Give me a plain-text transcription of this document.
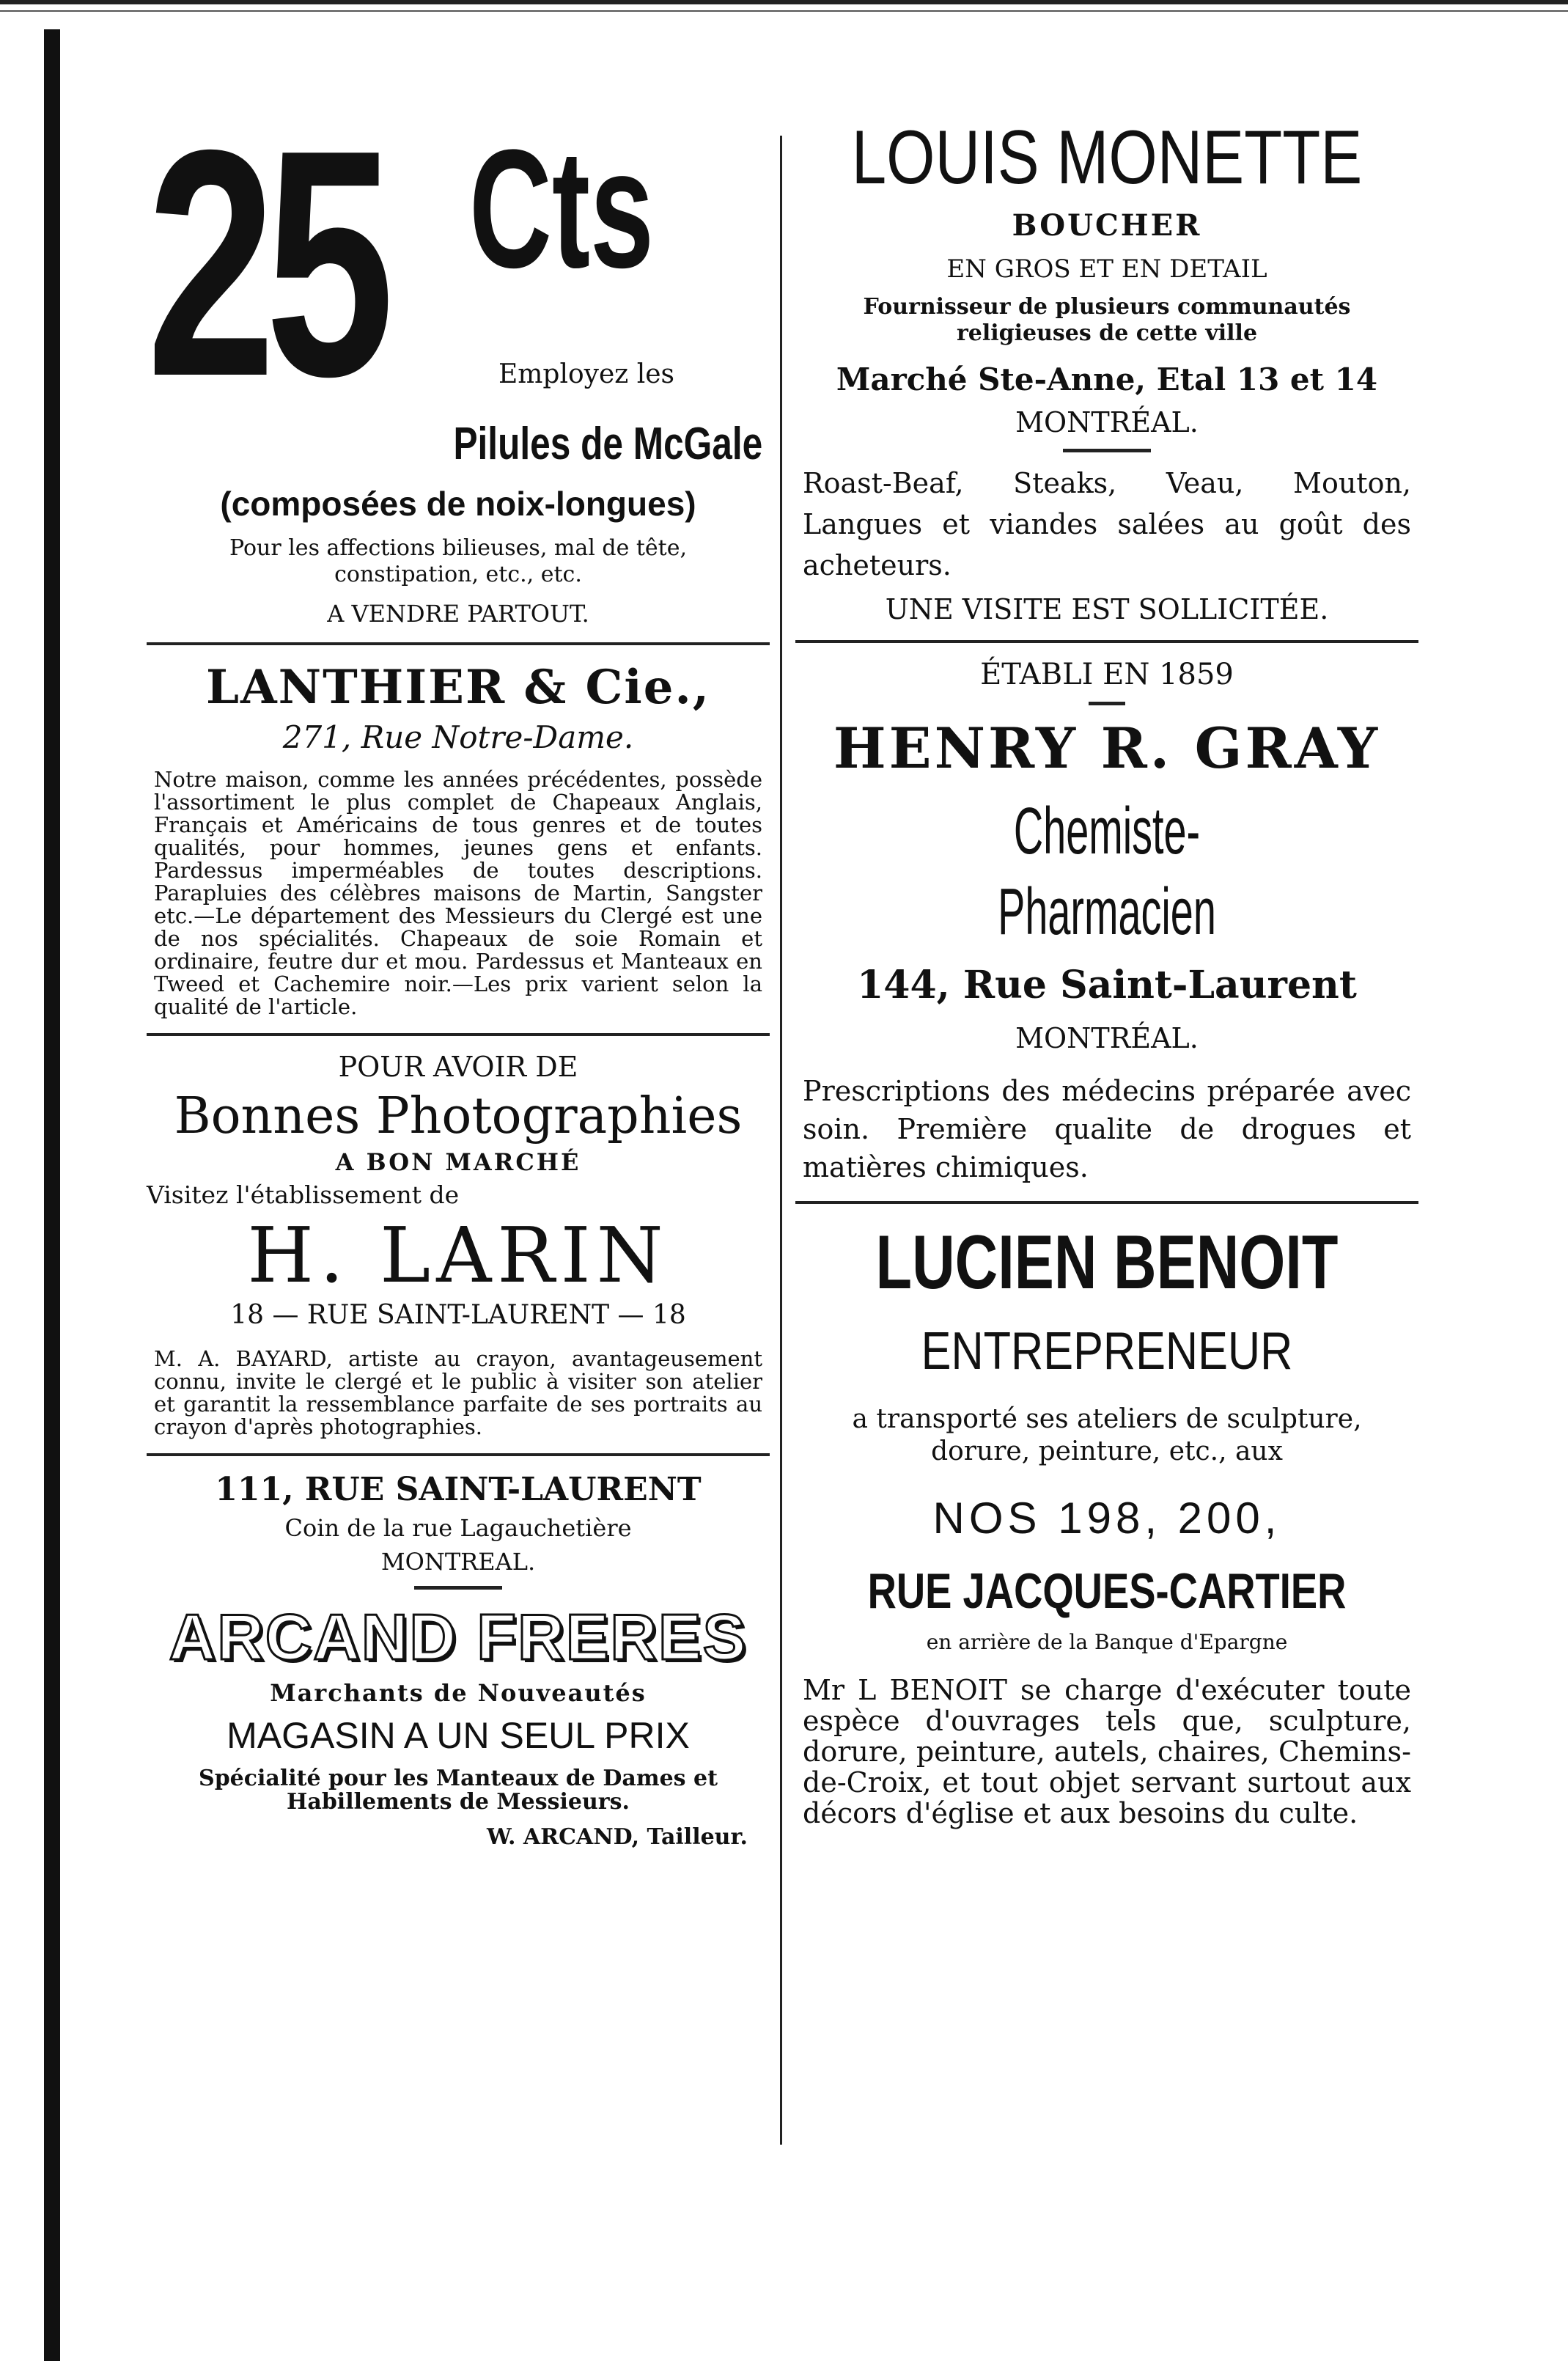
25 Cts
Employez les
Pilules de McGale

(composées de noix-longues)

Pour les affections bilieuses, mal de tête, constipation, etc., etc.

A VENDRE PARTOUT.

LANTHIER & Cie.,

271, Rue Notre-Dame.

Notre maison, comme les années précédentes, possède l'assortiment le plus complet de Chapeaux Anglais, Français et Américains de tous genres et de toutes qualités, pour hommes, jeunes gens et enfants. Pardessus imperméables de toutes descriptions. Parapluies des célèbres maisons de Martin, Sangster etc.—Le département des Messieurs du Clergé est une de nos spécialités. Chapeaux de soie Romain et ordinaire, feutre dur et mou. Pardessus et Manteaux en Tweed et Cachemire noir.—Les prix varient selon la qualité de l'article.

POUR AVOIR DE

Bonnes Photographies

A BON MARCHÉ

Visitez l'établissement de

H. LARIN

18 — RUE SAINT-LAURENT — 18

M. A. BAYARD, artiste au crayon, avantageusement connu, invite le clergé et le public à visiter son atelier et garantit la ressemblance parfaite de ses portraits au crayon d'après photographies.

111, RUE SAINT-LAURENT

Coin de la rue Lagauchetière

MONTREAL.

ARCAND FRERES

Marchants de Nouveautés

MAGASIN A UN SEUL PRIX

Spécialité pour les Manteaux de Dames et Habillements de Messieurs.

W. ARCAND, Tailleur.

LOUIS MONETTE

BOUCHER

EN GROS ET EN DETAIL

Fournisseur de plusieurs communautés religieuses de cette ville

Marché Ste-Anne, Etal 13 et 14

MONTRÉAL.

Roast-Beaf, Steaks, Veau, Mouton, Langues et viandes salées au goût des acheteurs.

UNE VISITE EST SOLLICITÉE.

ÉTABLI EN 1859

HENRY R. GRAY

Chemiste-Pharmacien

144, Rue Saint-Laurent

MONTRÉAL.

Prescriptions des médecins préparée avec soin. Première qualite de drogues et matières chimiques.

LUCIEN BENOIT

ENTREPRENEUR

a transporté ses ateliers de sculpture, dorure, peinture, etc., aux

NOS 198, 200,

RUE JACQUES-CARTIER

en arrière de la Banque d'Epargne

Mr L BENOIT se charge d'exécuter toute espèce d'ouvrages tels que, sculpture, dorure, peinture, autels, chaires, Chemins-de-Croix, et tout objet servant surtout aux décors d'église et aux besoins du culte.
